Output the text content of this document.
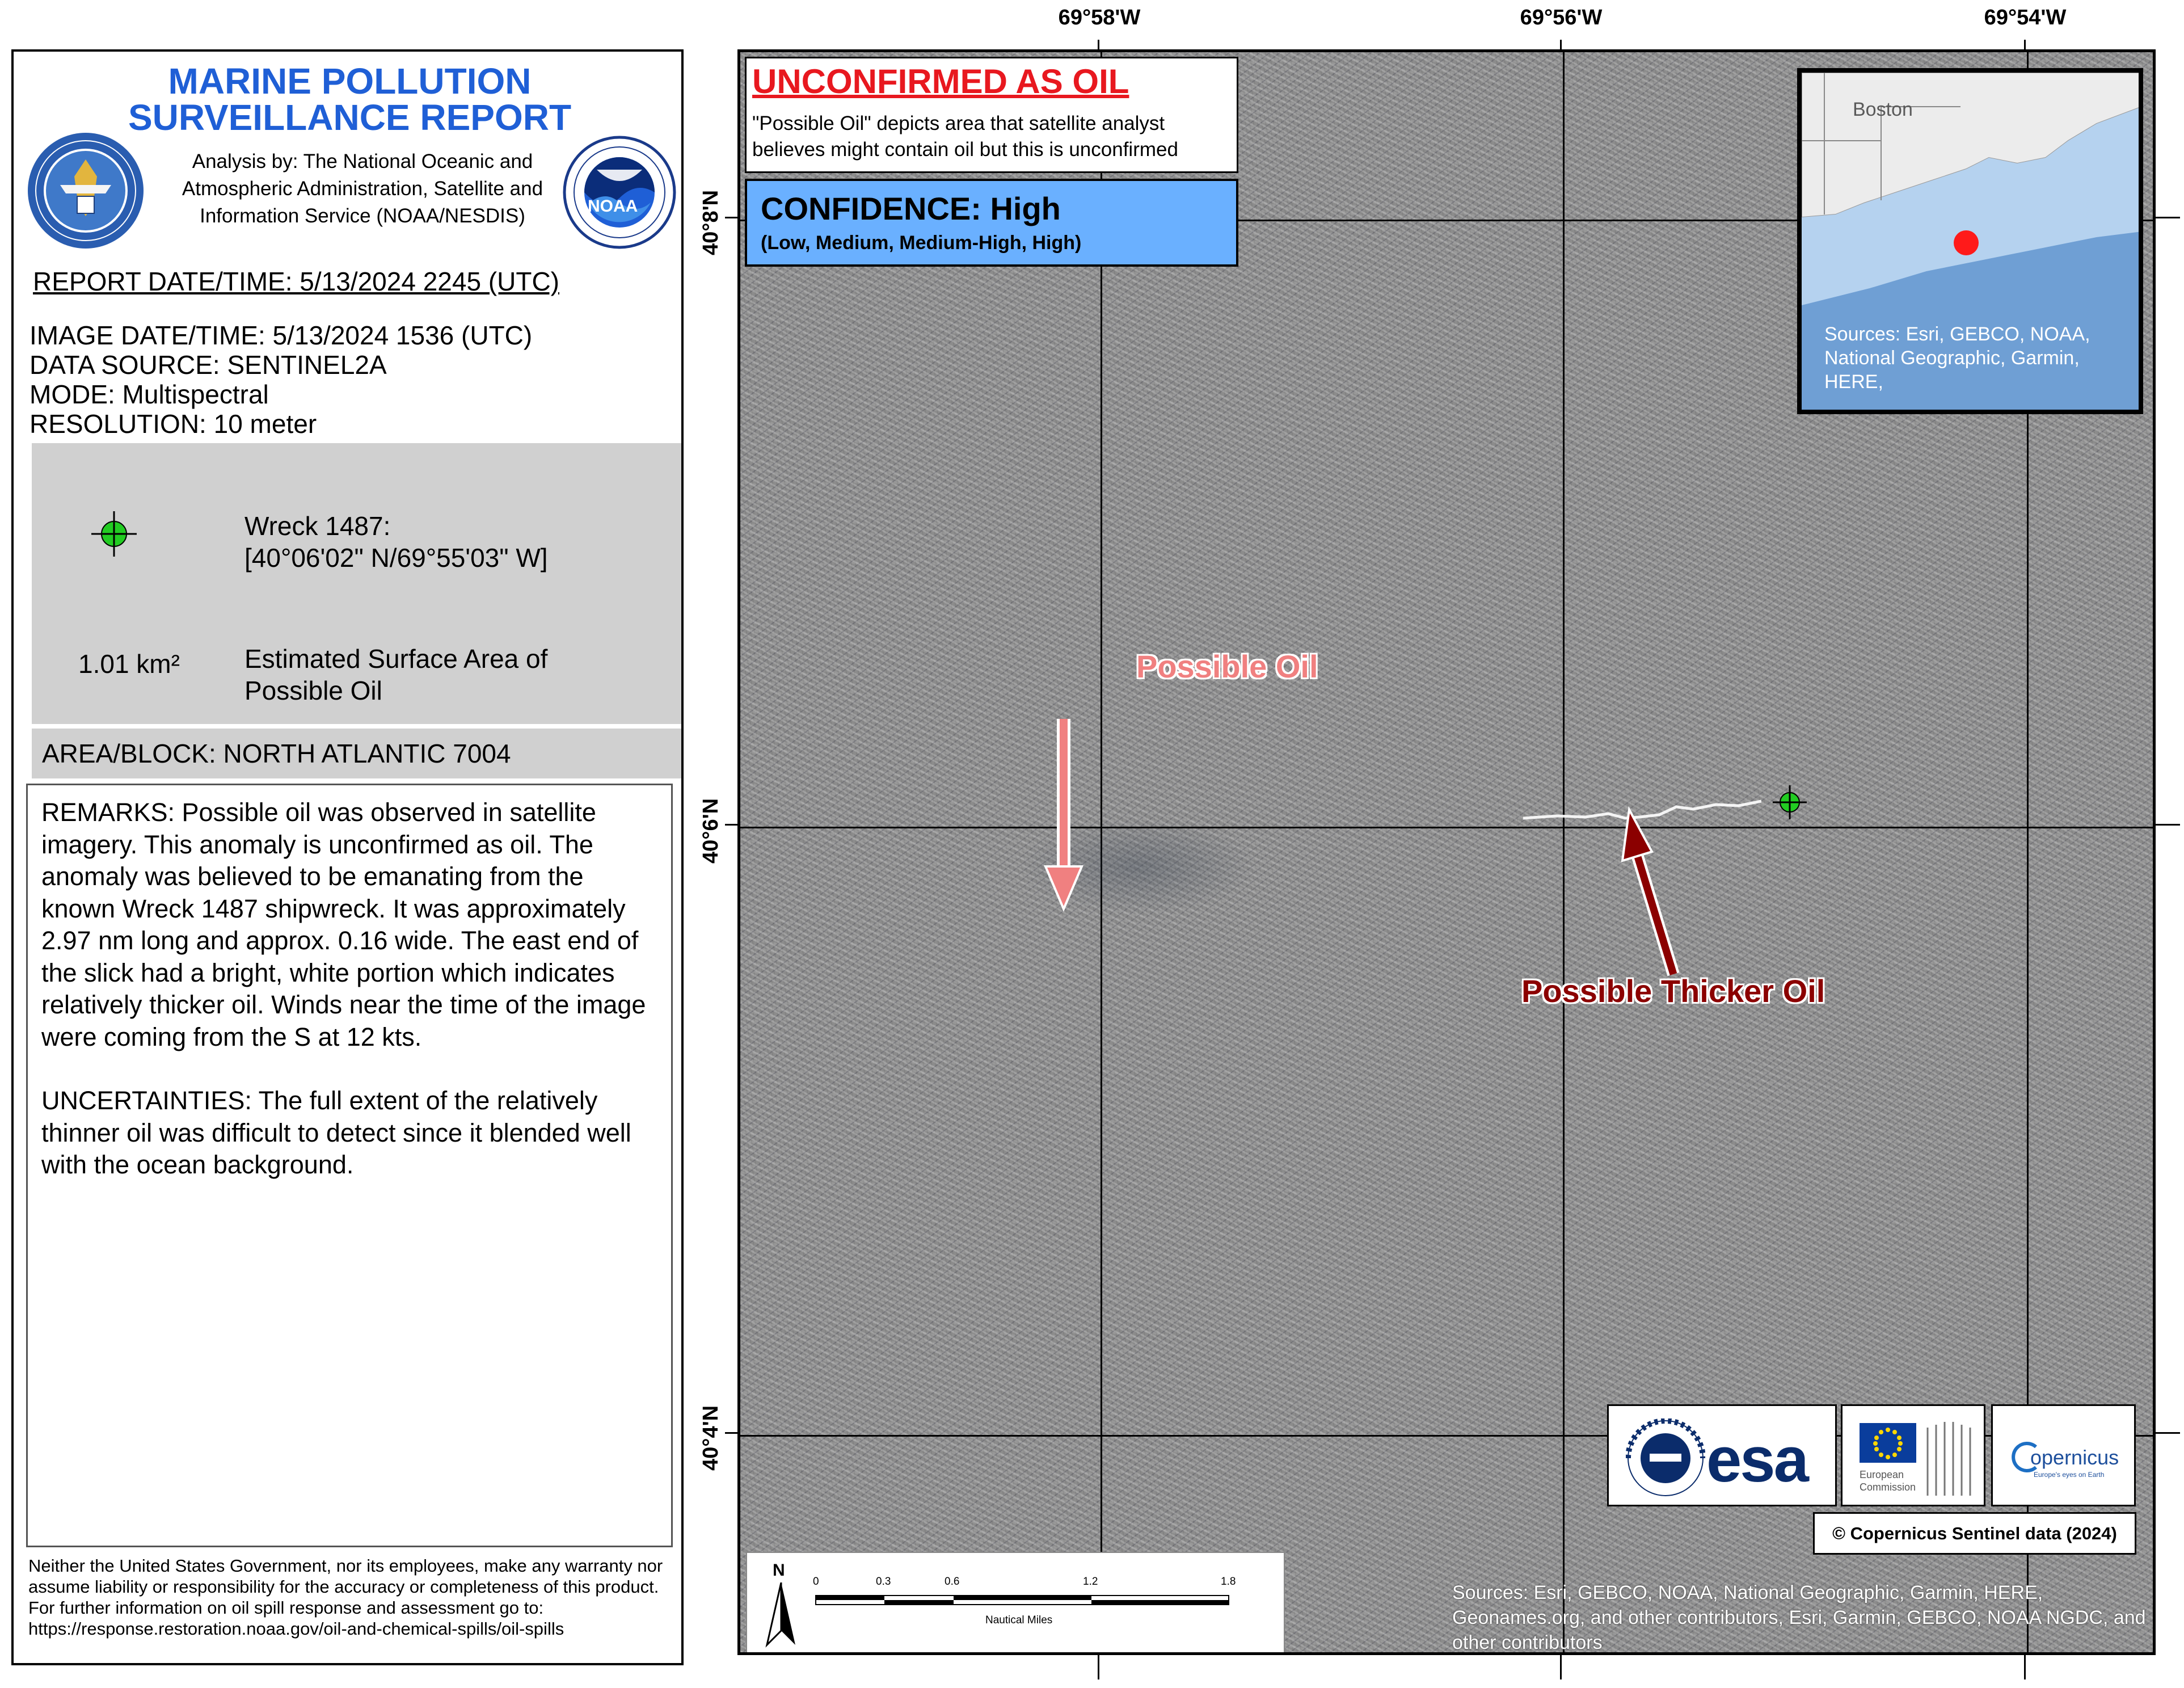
MARINE POLLUTION
SURVEILLANCE REPORT
NOAA
Analysis by: The National Oceanic and Atmospheric Administration, Satellite and Information Service (NOAA/NESDIS)
REPORT DATE/TIME: 5/13/2024 2245 (UTC)
IMAGE DATE/TIME: 5/13/2024 1536 (UTC)
DATA SOURCE: SENTINEL2A
MODE: Multispectral
RESOLUTION: 10 meter
Wreck 1487:
[40°06'02" N/69°55'03" W]
1.01 km² Estimated Surface Area of
Possible Oil
AREA/BLOCK: NORTH ATLANTIC 7004

REMARKS: Possible oil was observed in satellite imagery. This anomaly is unconfirmed as oil. The anomaly was believed to be emanating from the known Wreck 1487 shipwreck. It was approximately 2.97 nm long and approx. 0.16 wide. The east end of the slick had a bright, white portion which indicates relatively thicker oil. Winds near the time of the image were coming from the S at 12 kts.

UNCERTAINTIES: The full extent of the relatively thinner oil was difficult to detect since it blended well with the ocean background.

Neither the United States Government, nor its employees, make any warranty nor assume liability or responsibility for the accuracy or completeness of this product.
For further information on oil spill response and assessment go to:
https://response.restoration.noaa.gov/oil-and-chemical-spills/oil-spills
Possible Oil
Possible Thicker Oil
N
0	0.3	0.6	1.2	1.8
Nautical Miles
69°58'W	69°56'W	69°54'W
40°8'N
40°6'N
40°4'N
UNCONFIRMED AS OIL
"Possible Oil" depicts area that satellite analyst believes might contain oil but this is unconfirmed
CONFIDENCE: High
(Low, Medium, Medium-High, High)
Boston
Sources: Esri, GEBCO, NOAA, National Geographic, Garmin, HERE,
esa	European
Commission
opernicus
Europe's eyes on Earth
© Copernicus Sentinel data (2024)
Sources: Esri, GEBCO, NOAA, National Geographic, Garmin, HERE, Geonames.org, and other contributors, Esri, Garmin, GEBCO, NOAA NGDC, and other contributors
